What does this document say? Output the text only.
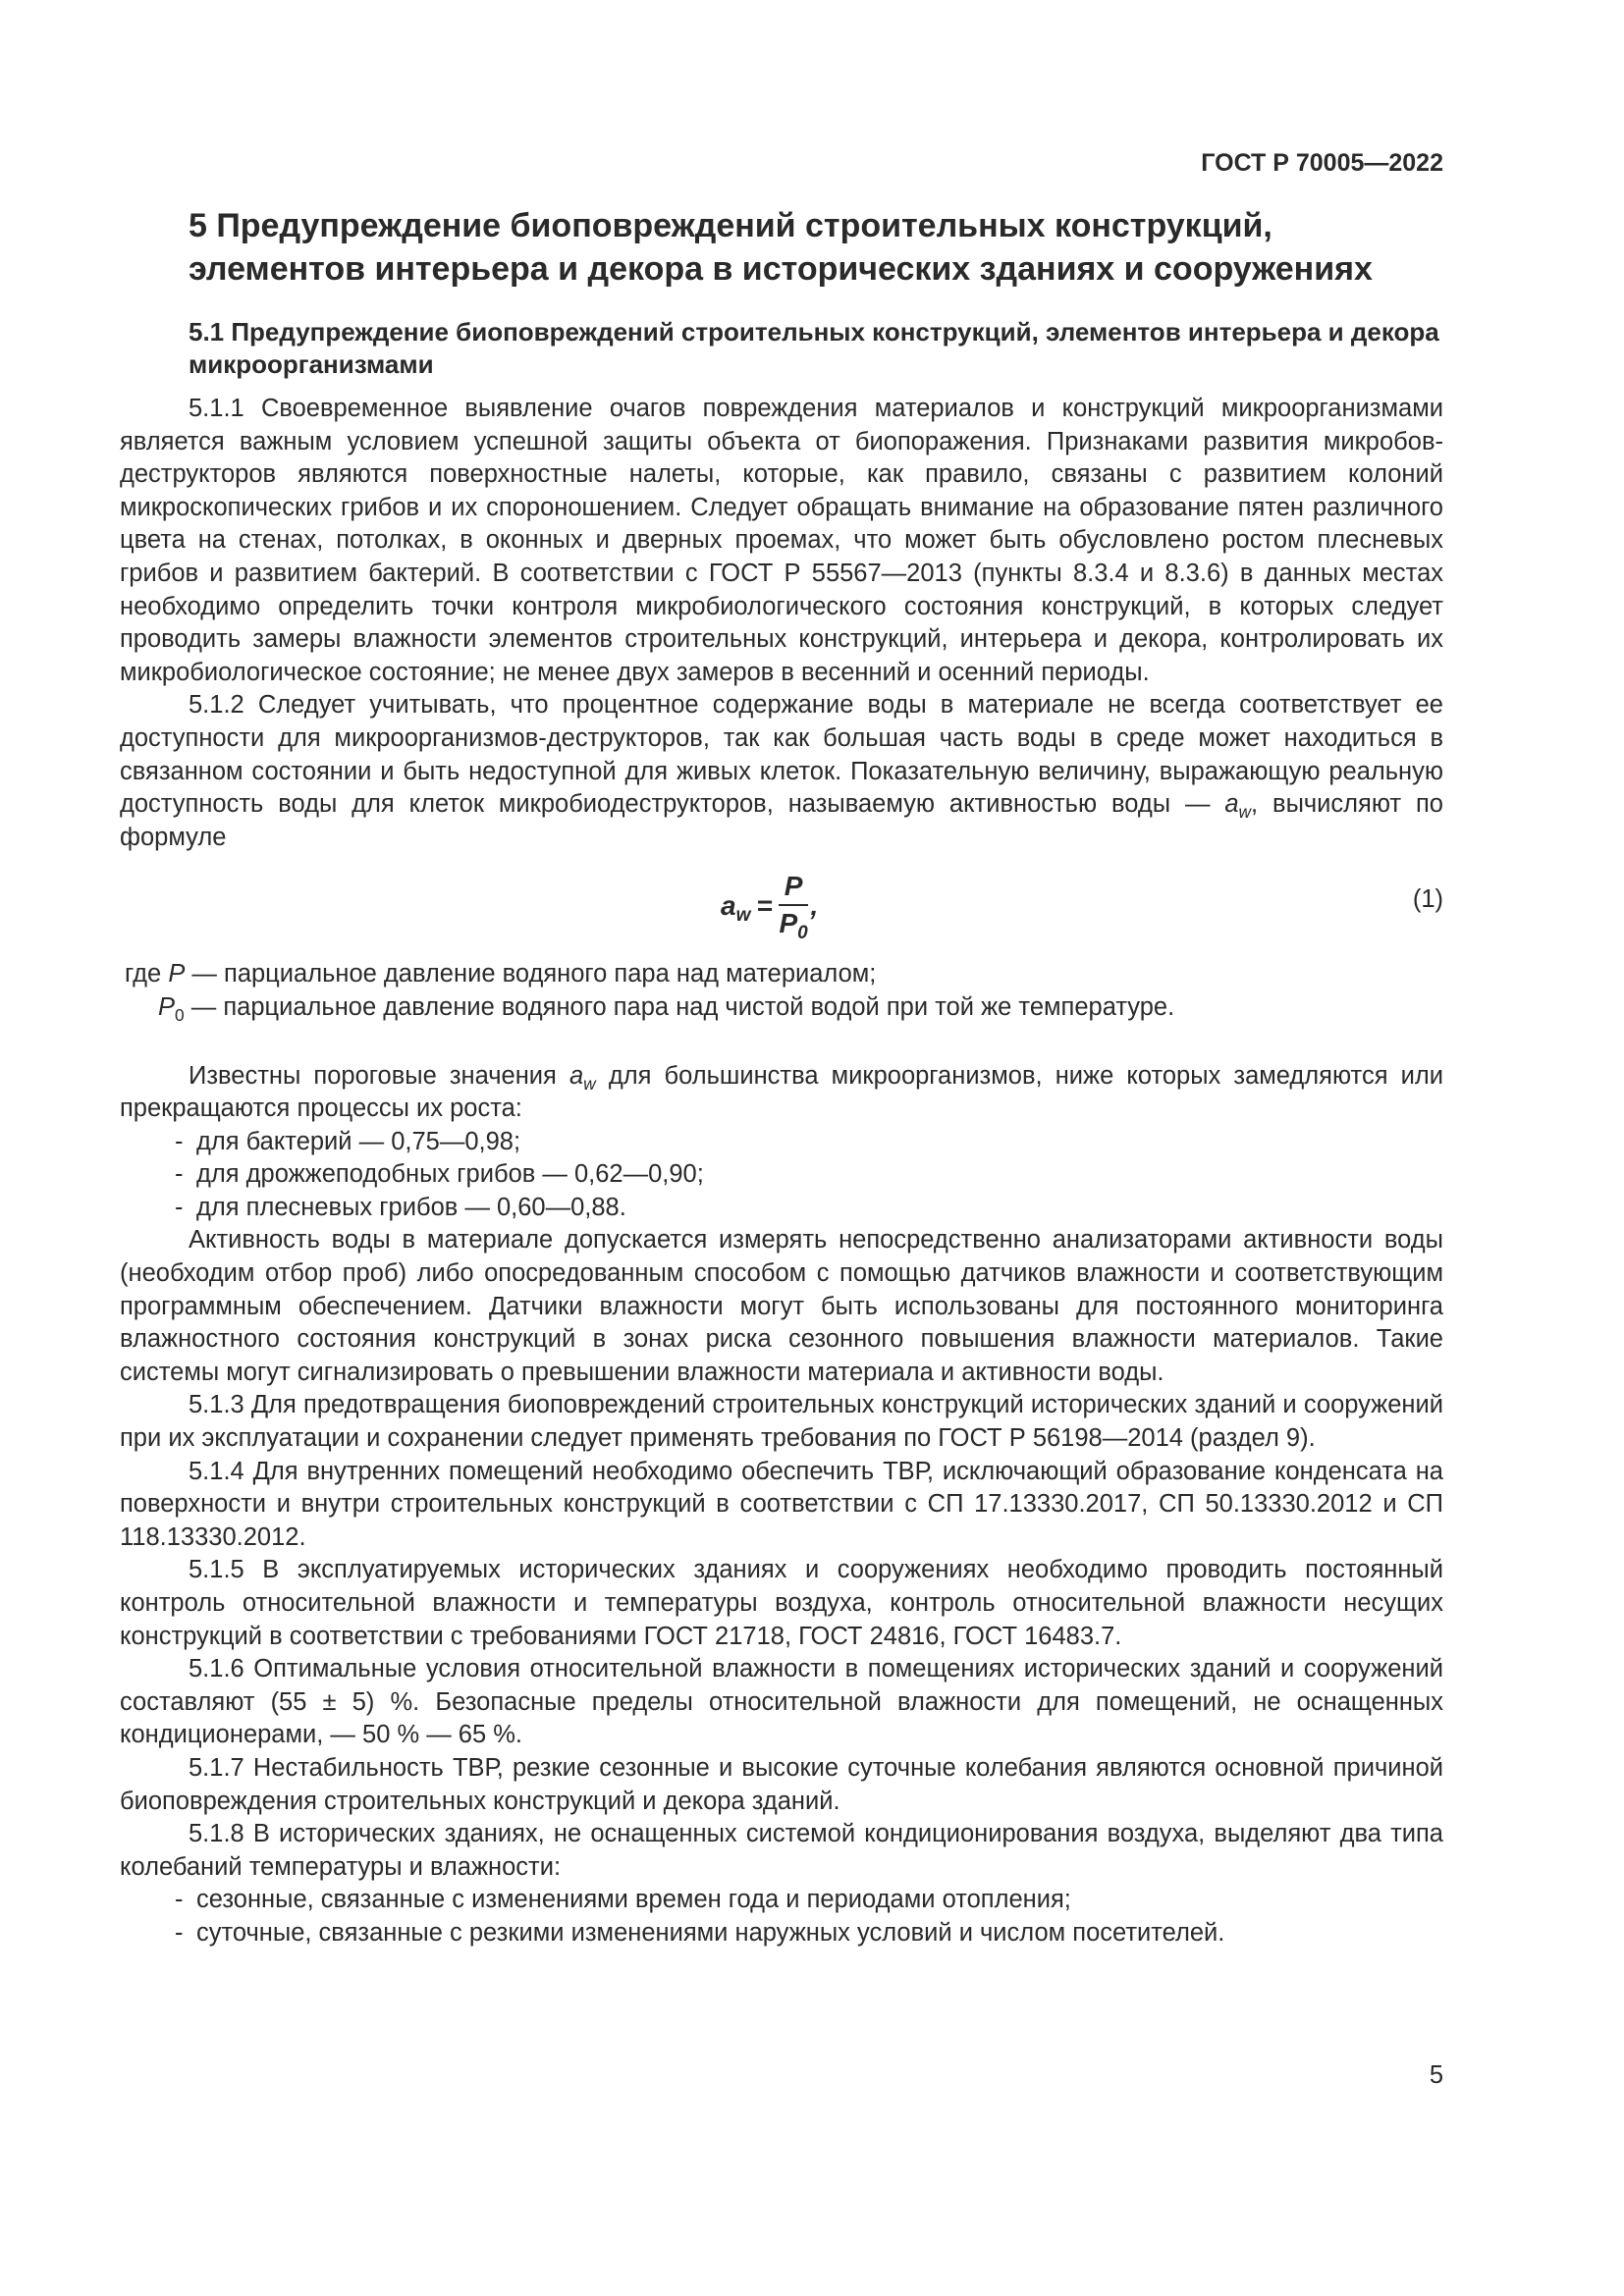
ГОСТ Р 70005—2022
5 Предупреждение биоповреждений строительных конструкций, элементов интерьера и декора в исторических зданиях и сооружениях
5.1 Предупреждение биоповреждений строительных конструкций, элементов интерьера и декора микроорганизмами

5.1.1 Своевременное выявление очагов повреждения материалов и конструкций микроорганизмами является важным условием успешной защиты объекта от биопоражения. Признаками развития микробов-деструкторов являются поверхностные налеты, которые, как правило, связаны с развитием колоний микроскопических грибов и их спороношением. Следует обращать внимание на образование пятен различного цвета на стенах, потолках, в оконных и дверных проемах, что может быть обусловлено ростом плесневых грибов и развитием бактерий. В соответствии с ГОСТ Р 55567—2013 (пункты 8.3.4 и 8.3.6) в данных местах необходимо определить точки контроля микробиологического состояния конструкций, в которых следует проводить замеры влажности элементов строительных конструкций, интерьера и декора, контролировать их микробиологическое состояние; не менее двух замеров в весенний и осенний периоды.

5.1.2 Следует учитывать, что процентное содержание воды в материале не всегда соответствует ее доступности для микроорганизмов-деструкторов, так как большая часть воды в среде может находиться в связанном состоянии и быть недоступной для живых клеток. Показательную величину, выражающую реальную доступность воды для клеток микробиодеструкторов, называемую активностью воды — $a_w$, вычисляют по формуле

$a_w = \frac{P}{P_0}$ ,	(1)

где P — парциальное давление водяного пара над материалом;

$P_0$ — парциальное давление водяного пара над чистой водой при той же температуре.

Известны пороговые значения $a_w$ для большинства микроорганизмов, ниже которых замедляются или прекращаются процессы их роста:

- для бактерий — 0,75—0,98;
- для дрожжеподобных грибов — 0,62—0,90;
- для плесневых грибов — 0,60—0,88.

Активность воды в материале допускается измерять непосредственно анализаторами активности воды (необходим отбор проб) либо опосредованным способом с помощью датчиков влажности и соответствующим программным обеспечением. Датчики влажности могут быть использованы для постоянного мониторинга влажностного состояния конструкций в зонах риска сезонного повышения влажности материалов. Такие системы могут сигнализировать о превышении влажности материала и активности воды.

5.1.3 Для предотвращения биоповреждений строительных конструкций исторических зданий и сооружений при их эксплуатации и сохранении следует применять требования по ГОСТ Р 56198—2014 (раздел 9).

5.1.4 Для внутренних помещений необходимо обеспечить ТВР, исключающий образование конденсата на поверхности и внутри строительных конструкций в соответствии с СП 17.13330.2017, СП 50.13330.2012 и СП 118.13330.2012.

5.1.5 В эксплуатируемых исторических зданиях и сооружениях необходимо проводить постоянный контроль относительной влажности и температуры воздуха, контроль относительной влажности несущих конструкций в соответствии с требованиями ГОСТ 21718, ГОСТ 24816, ГОСТ 16483.7.

5.1.6 Оптимальные условия относительной влажности в помещениях исторических зданий и сооружений составляют (55 ± 5) %. Безопасные пределы относительной влажности для помещений, не оснащенных кондиционерами, — 50 % — 65 %.

5.1.7 Нестабильность ТВР, резкие сезонные и высокие суточные колебания являются основной причиной биоповреждения строительных конструкций и декора зданий.

5.1.8 В исторических зданиях, не оснащенных системой кондиционирования воздуха, выделяют два типа колебаний температуры и влажности:

- сезонные, связанные с изменениями времен года и периодами отопления;
- суточные, связанные с резкими изменениями наружных условий и числом посетителей.
5
